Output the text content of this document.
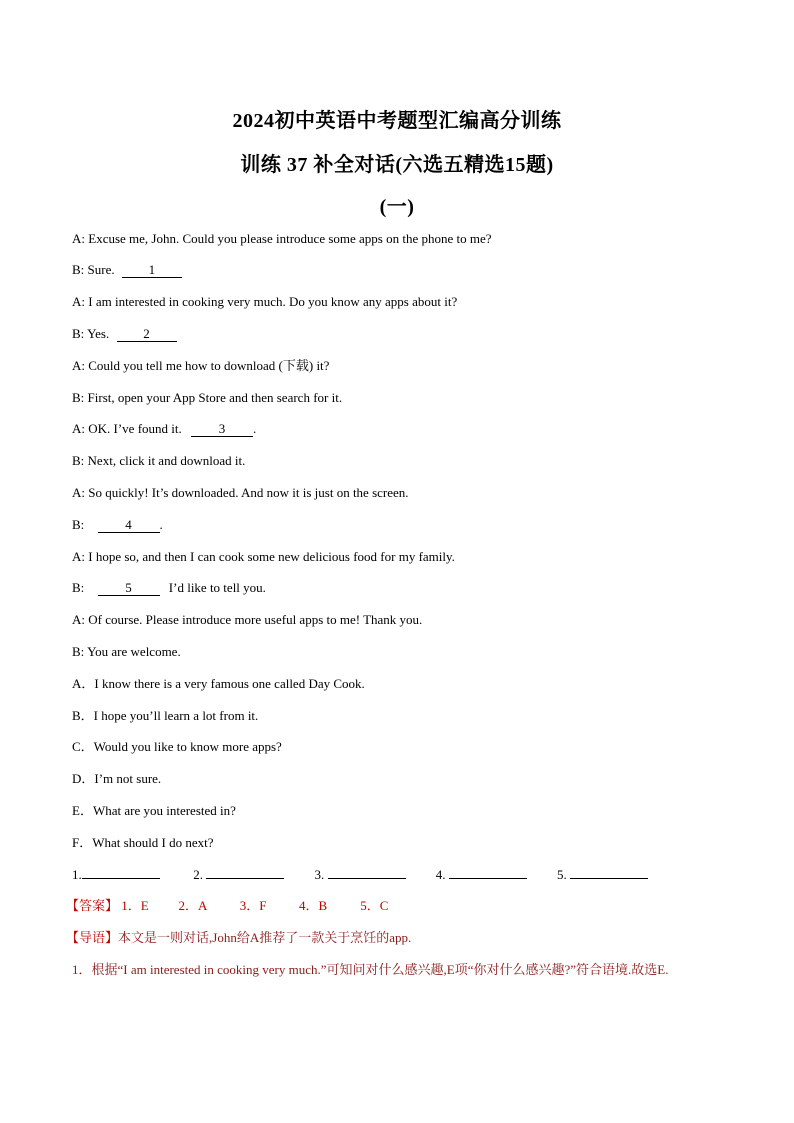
2024初中英语中考题型汇编高分训练
训练 37 补全对话(六选五精选15题)
(一)
A: Excuse me, John. Could you please introduce some apps on the phone to me?
B: Sure.	1
A: I am interested in cooking very much. Do you know any apps about it?
B: Yes.	2
A: Could you tell me how to download (下载) it?
B: First, open your App Store and then search for it.
A: OK. I’ve found it.	3 .
B: Next, click it and download it.
A: So quickly! It’s downloaded. And now it is just on the screen.
B:	4 .
A: I hope so, and then I can cook some new delicious food for my family.
B:	5	I’d like to tell you.
A: Of course. Please introduce more useful apps to me! Thank you.
B: You are welcome.
A．I know there is a very famous one called Day Cook.
B．I hope you’ll learn a lot from it.
C．Would you like to know more apps?
D．I’m not sure.
E．What are you interested in?
F．What should I do next?
1.	2.	3.	4.	5.
【答案】 1．E 2．A 3．F	4．B	5．C
【导语】本文是一则对话,John给A推荐了一款关于烹饪的app.
1．根据“I am interested in cooking very much.”可知问对什么感兴趣,E项“你对什么感兴趣?”符合语境.故选E.
